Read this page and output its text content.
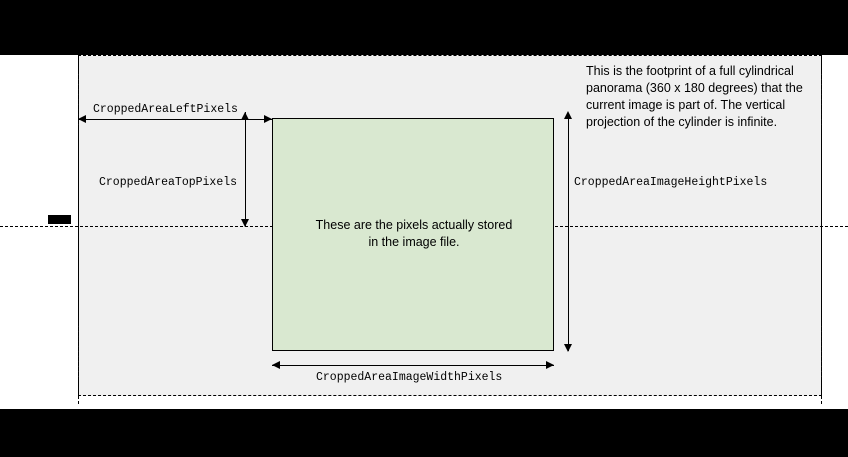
These are the pixels actually stored
in the image file.
This is the footprint of a full cylindrical panorama (360 x 180 degrees) that the current image is part of. The vertical projection of the cylinder is infinite.
CroppedAreaLeftPixels
CroppedAreaTopPixels	CroppedAreaImageHeightPixels
CroppedAreaImageWidthPixels
